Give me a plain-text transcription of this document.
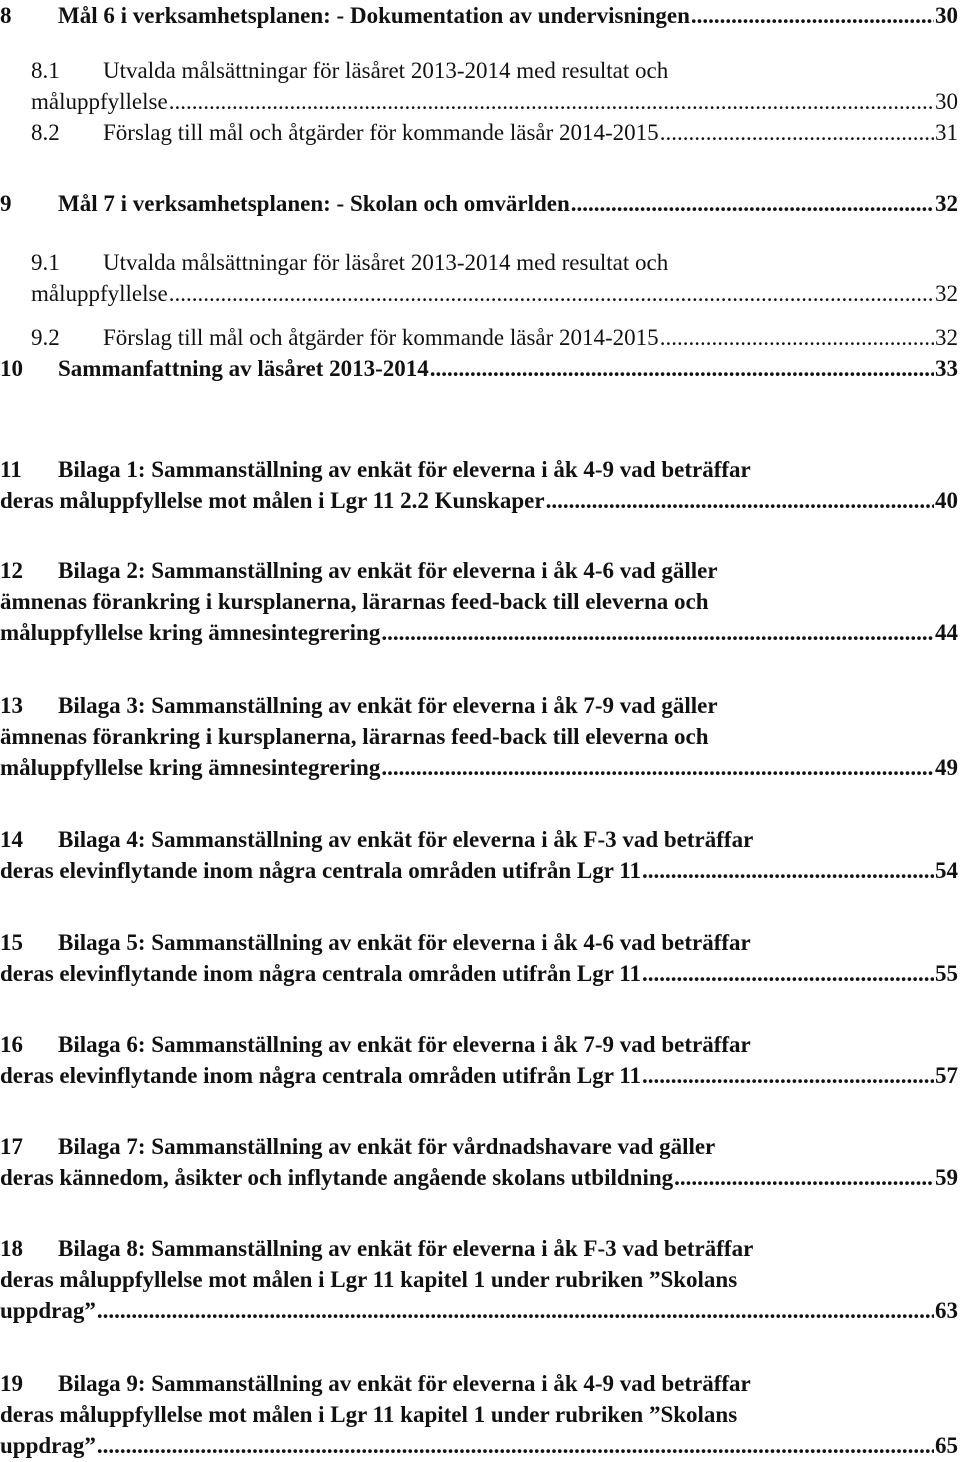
8 Mål 6 i verksamhetsplanen: - Dokumentation av undervisningen .....	30
8.1 Utvalda målsättningar för läsåret 2013-2014 med resultat och
måluppfyllelse .....	30
8.2 Förslag till mål och åtgärder för kommande läsår 2014-2015 .....	31
9 Mål 7 i verksamhetsplanen: - Skolan och omvärlden .....	32
9.1 Utvalda målsättningar för läsåret 2013-2014 med resultat och
måluppfyllelse .....	32
9.2 Förslag till mål och åtgärder för kommande läsår 2014-2015 .....	32
10 Sammanfattning av läsåret 2013-2014 .....	33
11 Bilaga 1: Sammanställning av enkät för eleverna i åk 4-9 vad beträffar
deras måluppfyllelse mot målen i Lgr 11 2.2 Kunskaper .....	40
12 Bilaga 2: Sammanställning av enkät för eleverna i åk 4-6 vad gäller
ämnenas förankring i kursplanerna, lärarnas feed-back till eleverna och
måluppfyllelse kring ämnesintegrering .....	44
13 Bilaga 3: Sammanställning av enkät för eleverna i åk 7-9 vad gäller
ämnenas förankring i kursplanerna, lärarnas feed-back till eleverna och
måluppfyllelse kring ämnesintegrering .....	49
14 Bilaga 4: Sammanställning av enkät för eleverna i åk F-3 vad beträffar
deras elevinflytande inom några centrala områden utifrån Lgr 11 .....	54
15 Bilaga 5: Sammanställning av enkät för eleverna i åk 4-6 vad beträffar
deras elevinflytande inom några centrala områden utifrån Lgr 11 .....	55
16 Bilaga 6: Sammanställning av enkät för eleverna i åk 7-9 vad beträffar
deras elevinflytande inom några centrala områden utifrån Lgr 11 .....	57
17 Bilaga 7: Sammanställning av enkät för vårdnadshavare vad gäller
deras kännedom, åsikter och inflytande angående skolans utbildning .....	59
18 Bilaga 8: Sammanställning av enkät för eleverna i åk F-3 vad beträffar
deras måluppfyllelse mot målen i Lgr 11 kapitel 1 under rubriken ”Skolans
uppdrag” .....	63
19 Bilaga 9: Sammanställning av enkät för eleverna i åk 4-9 vad beträffar
deras måluppfyllelse mot målen i Lgr 11 kapitel 1 under rubriken ”Skolans
uppdrag” .....	65
